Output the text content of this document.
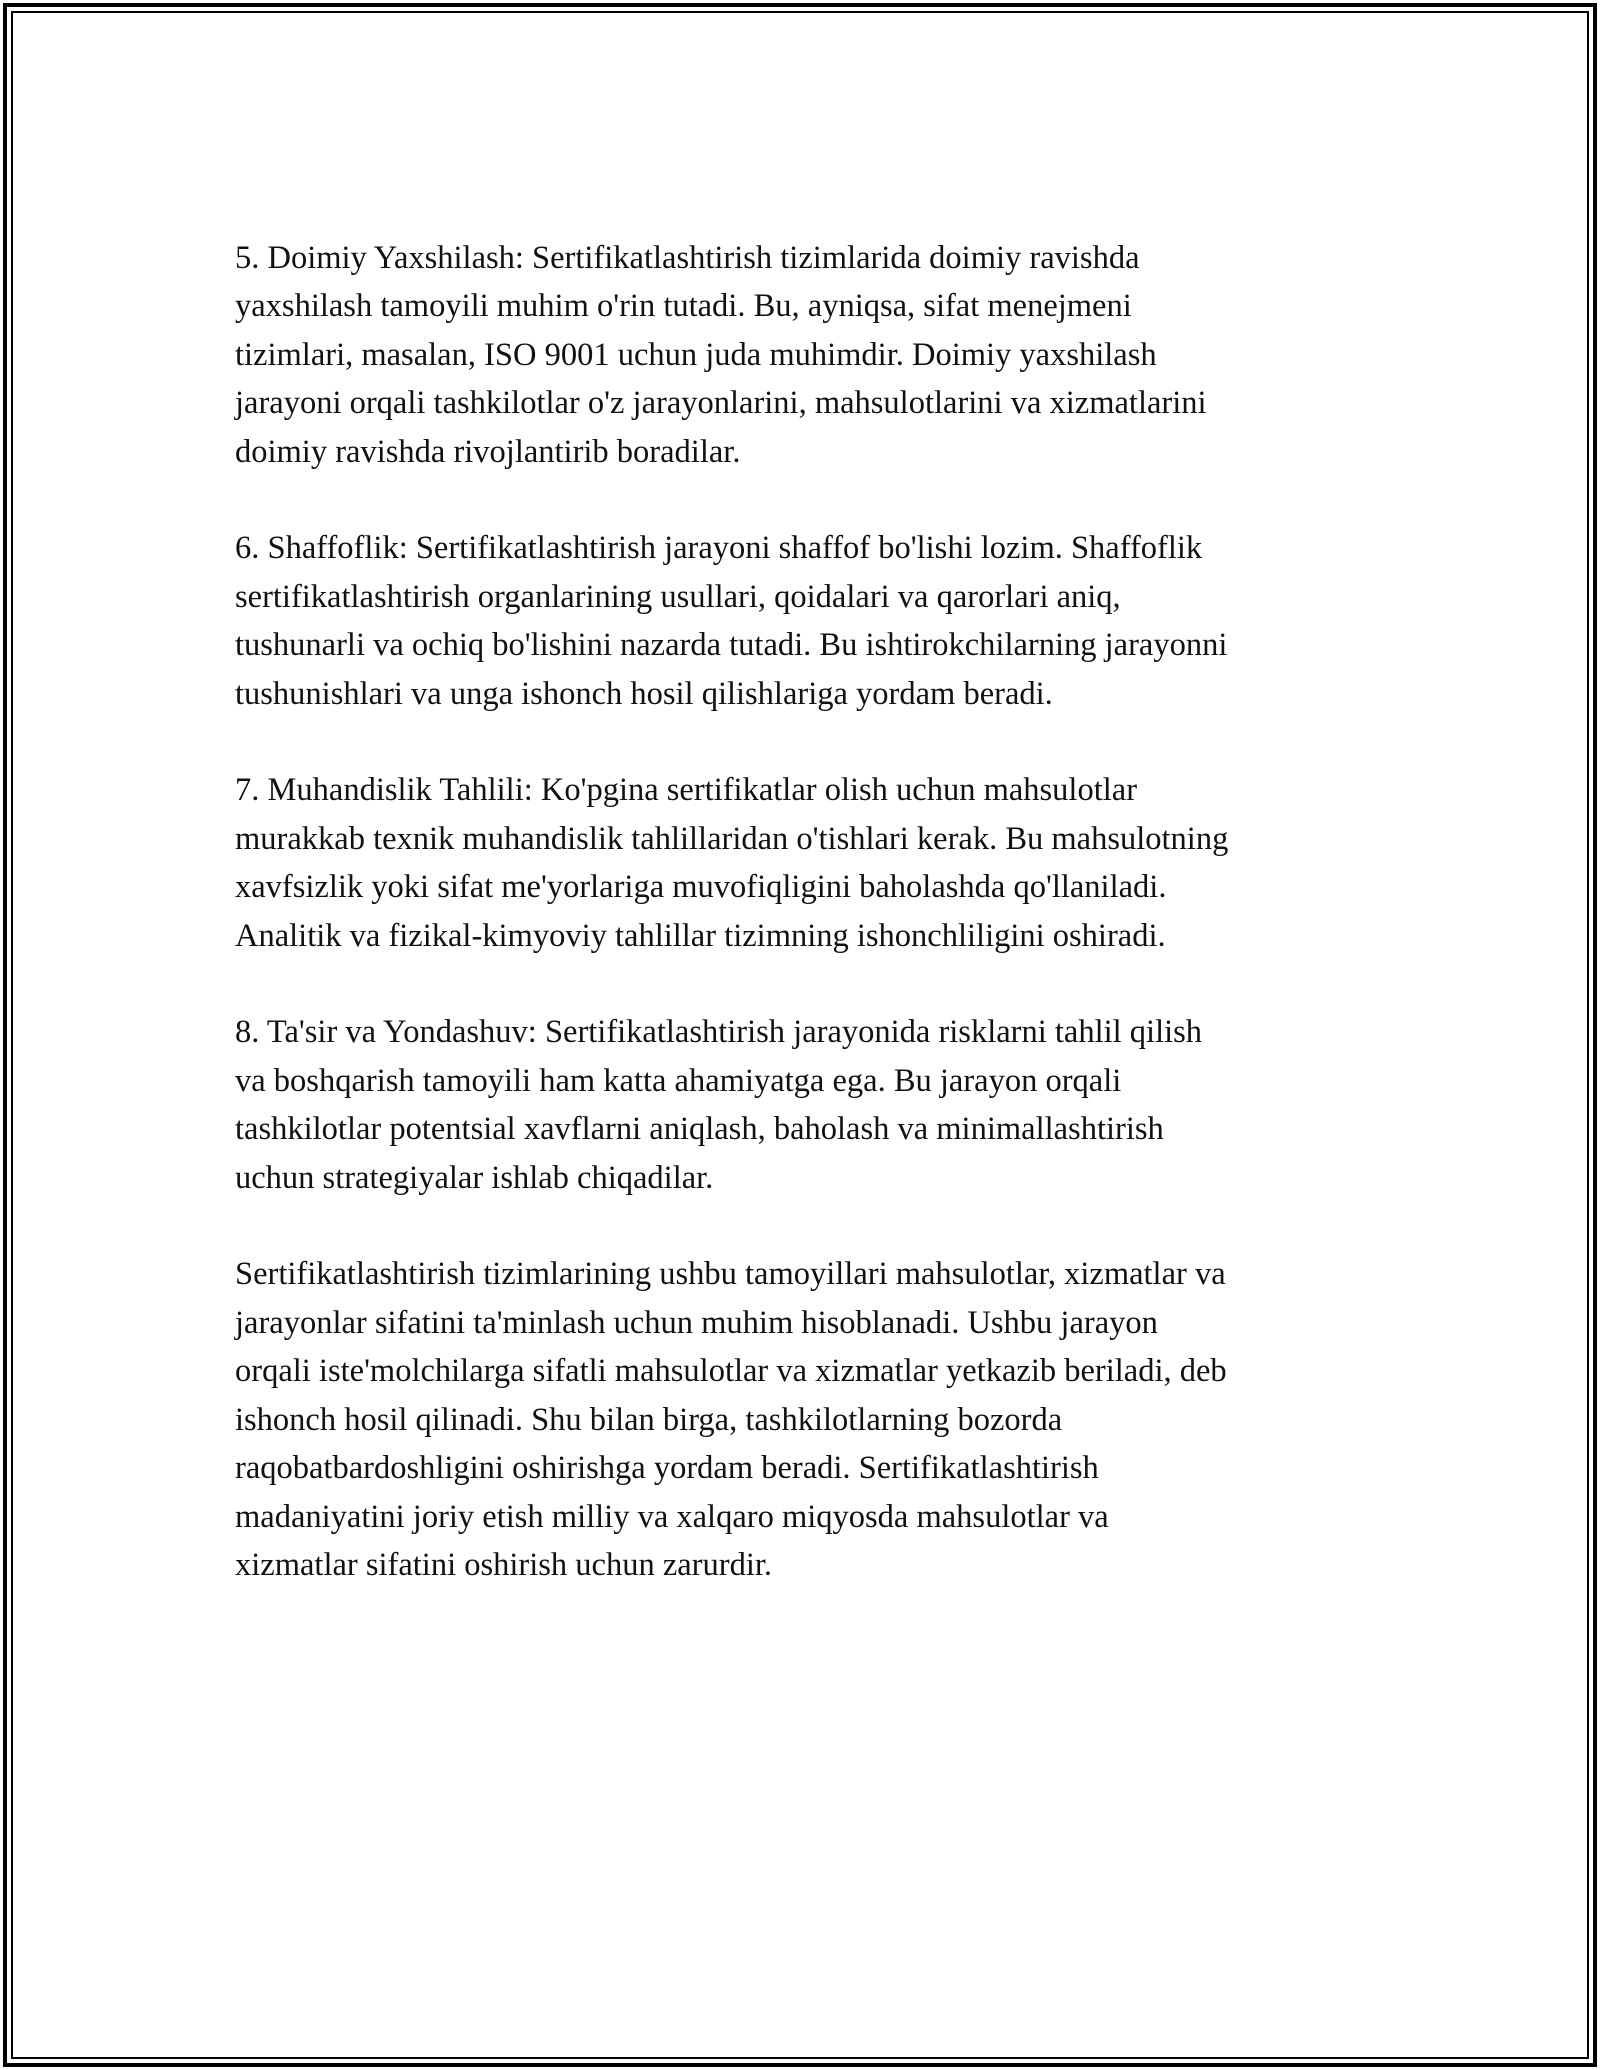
5. Doimiy Yaxshilash: Sertifikatlashtirish tizimlarida doimiy ravishda
yaxshilash tamoyili muhim o'rin tutadi. Bu, ayniqsa, sifat menejmeni
tizimlari, masalan, ISO 9001 uchun juda muhimdir. Doimiy yaxshilash
jarayoni orqali tashkilotlar o'z jarayonlarini, mahsulotlarini va xizmatlarini
doimiy ravishda rivojlantirib boradilar.

6. Shaffoflik: Sertifikatlashtirish jarayoni shaffof bo'lishi lozim. Shaffoflik
sertifikatlashtirish organlarining usullari, qoidalari va qarorlari aniq,
tushunarli va ochiq bo'lishini nazarda tutadi. Bu ishtirokchilarning jarayonni
tushunishlari va unga ishonch hosil qilishlariga yordam beradi.

7. Muhandislik Tahlili: Ko'pgina sertifikatlar olish uchun mahsulotlar
murakkab texnik muhandislik tahlillaridan o'tishlari kerak. Bu mahsulotning
xavfsizlik yoki sifat me'yorlariga muvofiqligini baholashda qo'llaniladi.
Analitik va fizikal-kimyoviy tahlillar tizimning ishonchliligini oshiradi.

8. Ta'sir va Yondashuv: Sertifikatlashtirish jarayonida risklarni tahlil qilish
va boshqarish tamoyili ham katta ahamiyatga ega. Bu jarayon orqali
tashkilotlar potentsial xavflarni aniqlash, baholash va minimallashtirish
uchun strategiyalar ishlab chiqadilar.

Sertifikatlashtirish tizimlarining ushbu tamoyillari mahsulotlar, xizmatlar va
jarayonlar sifatini ta'minlash uchun muhim hisoblanadi. Ushbu jarayon
orqali iste'molchilarga sifatli mahsulotlar va xizmatlar yetkazib beriladi, deb
ishonch hosil qilinadi. Shu bilan birga, tashkilotlarning bozorda
raqobatbardoshligini oshirishga yordam beradi. Sertifikatlashtirish
madaniyatini joriy etish milliy va xalqaro miqyosda mahsulotlar va
xizmatlar sifatini oshirish uchun zarurdir.
